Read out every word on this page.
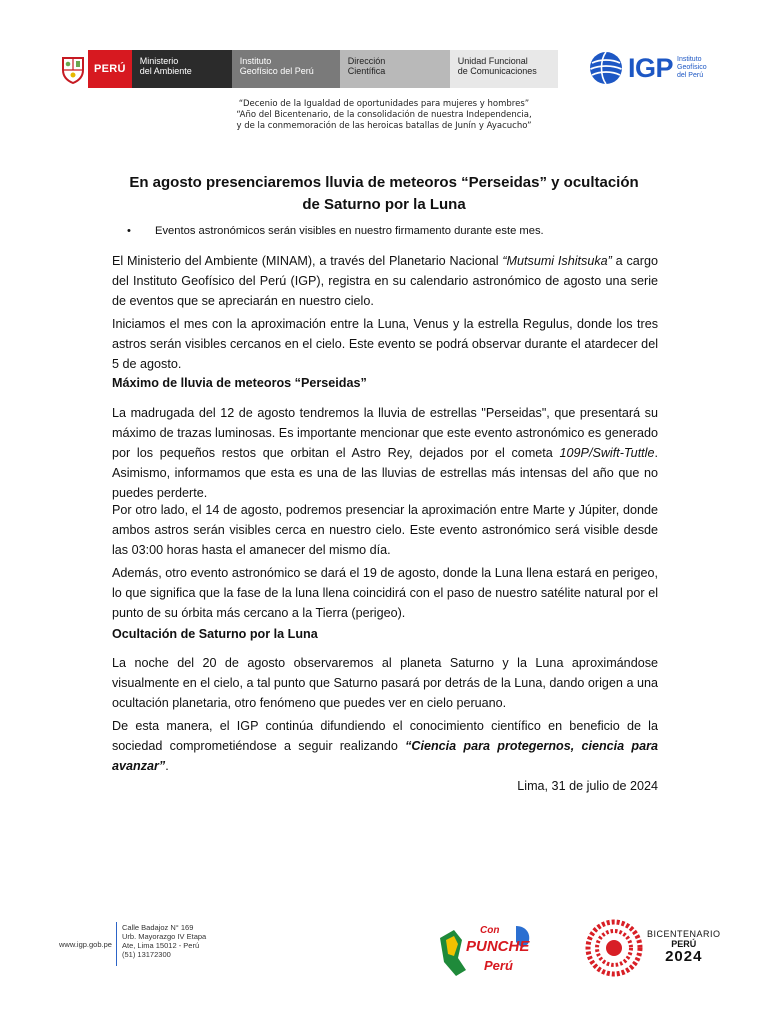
PERÚ
Ministerio
del Ambiente
Instituto
Geofísico del Perú
Dirección
Científica
Unidad Funcional
de Comunicaciones	IGP Instituto
Geofísico
del Perú
“Decenio de la Igualdad de oportunidades para mujeres y hombres”
“Año del Bicentenario, de la consolidación de nuestra Independencia,
y de la conmemoración de las heroicas batallas de Junín y Ayacucho”
En agosto presenciaremos lluvia de meteoros “Perseidas” y ocultación
de Saturno por la Luna
• Eventos astronómicos serán visibles en nuestro firmamento durante este mes.

El Ministerio del Ambiente (MINAM), a través del Planetario Nacional “Mutsumi Ishitsuka” a cargo del Instituto Geofísico del Perú (IGP), registra en su calendario astronómico de agosto una serie de eventos que se apreciarán en nuestro cielo.

Iniciamos el mes con la aproximación entre la Luna, Venus y la estrella Regulus, donde los tres astros serán visibles cercanos en el cielo. Este evento se podrá observar durante el atardecer del 5 de agosto.

Máximo de lluvia de meteoros “Perseidas”

La madrugada del 12 de agosto tendremos la lluvia de estrellas "Perseidas", que presentará su máximo de trazas luminosas. Es importante mencionar que este evento astronómico es generado por los pequeños restos que orbitan el Astro Rey, dejados por el cometa 109P/Swift-Tuttle. Asimismo, informamos que esta es una de las lluvias de estrellas más intensas del año que no puedes perderte.

Por otro lado, el 14 de agosto, podremos presenciar la aproximación entre Marte y Júpiter, donde ambos astros serán visibles cerca en nuestro cielo. Este evento astronómico será visible desde las 03:00 horas hasta el amanecer del mismo día.

Además, otro evento astronómico se dará el 19 de agosto, donde la Luna llena estará en perigeo, lo que significa que la fase de la luna llena coincidirá con el paso de nuestro satélite natural por el punto de su órbita más cercano a la Tierra (perigeo).

Ocultación de Saturno por la Luna

La noche del 20 de agosto observaremos al planeta Saturno y la Luna aproximándose visualmente en el cielo, a tal punto que Saturno pasará por detrás de la Luna, dando origen a una ocultación planetaria, otro fenómeno que puedes ver en cielo peruano.

De esta manera, el IGP continúa difundiendo el conocimiento científico en beneficio de la sociedad comprometiéndose a seguir realizando “Ciencia para protegernos, ciencia para avanzar”.

Lima, 31 de julio de 2024
www.igp.gob.pe
Calle Badajoz N° 169
Urb. Mayorazgo IV Etapa
Ate, Lima 15012 - Perú
(51) 13172300
Con
PUNCHE
Perú
BICENTENARIO
PERÚ
2024
